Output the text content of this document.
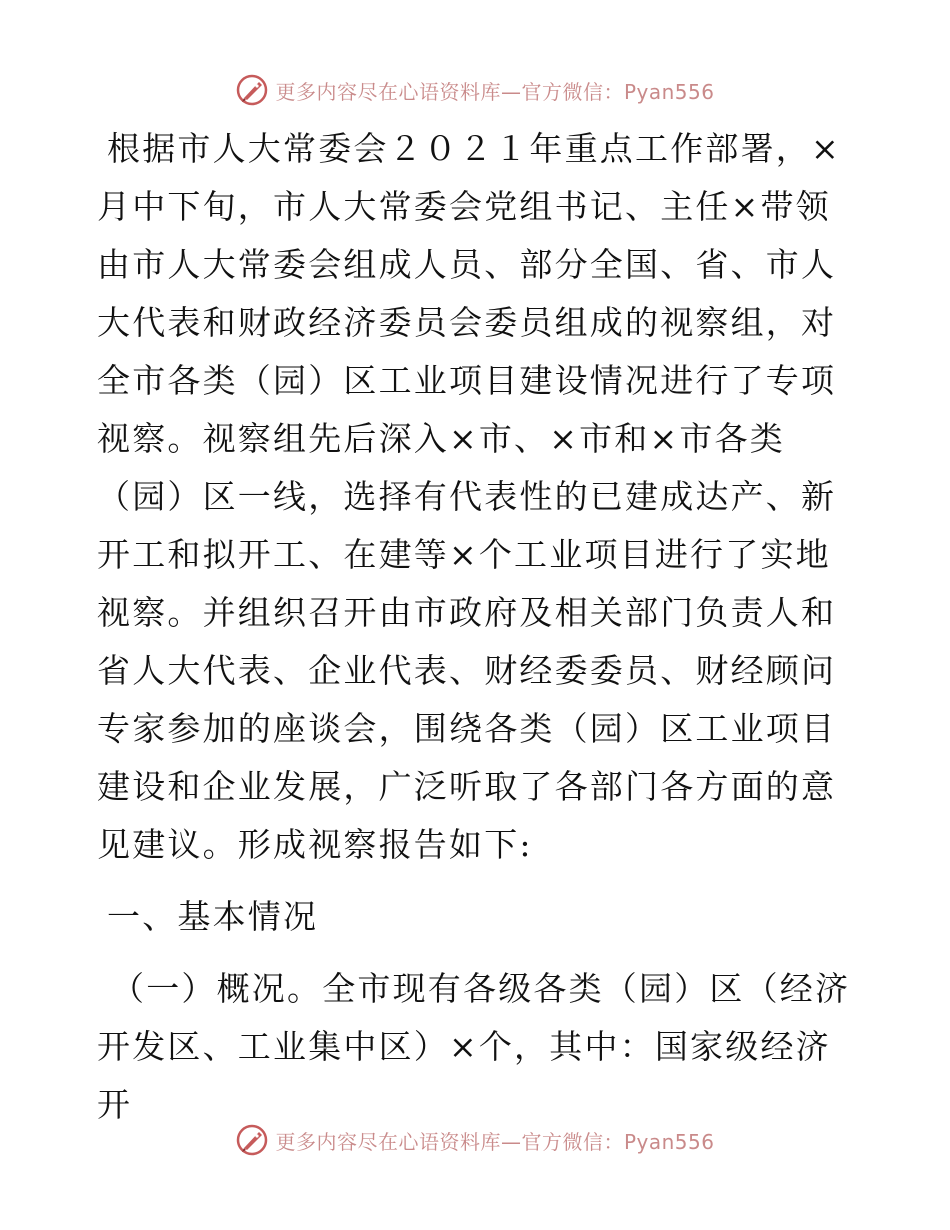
更多内容尽在心语资料库—官方微信：Pyan556

根据市人大常委会２０２１年重点工作部署，×月中下旬，市人大常委会党组书记、主任×带领由市人大常委会组成人员、部分全国、省、市人大代表和财政经济委员会委员组成的视察组，对全市各类（园）区工业项目建设情况进行了专项视察。视察组先后深入×市、×市和×市各类（园）区一线，选择有代表性的已建成达产、新开工和拟开工、在建等×个工业项目进行了实地视察。并组织召开由市政府及相关部门负责人和省人大代表、企业代表、财经委委员、财经顾问专家参加的座谈会，围绕各类（园）区工业项目建设和企业发展，广泛听取了各部门各方面的意见建议。形成视察报告如下:

一、基本情况

（一）概况。全市现有各级各类（园）区（经济开发区、工业集中区）×个，其中：国家级经济开

更多内容尽在心语资料库—官方微信：Pyan556
